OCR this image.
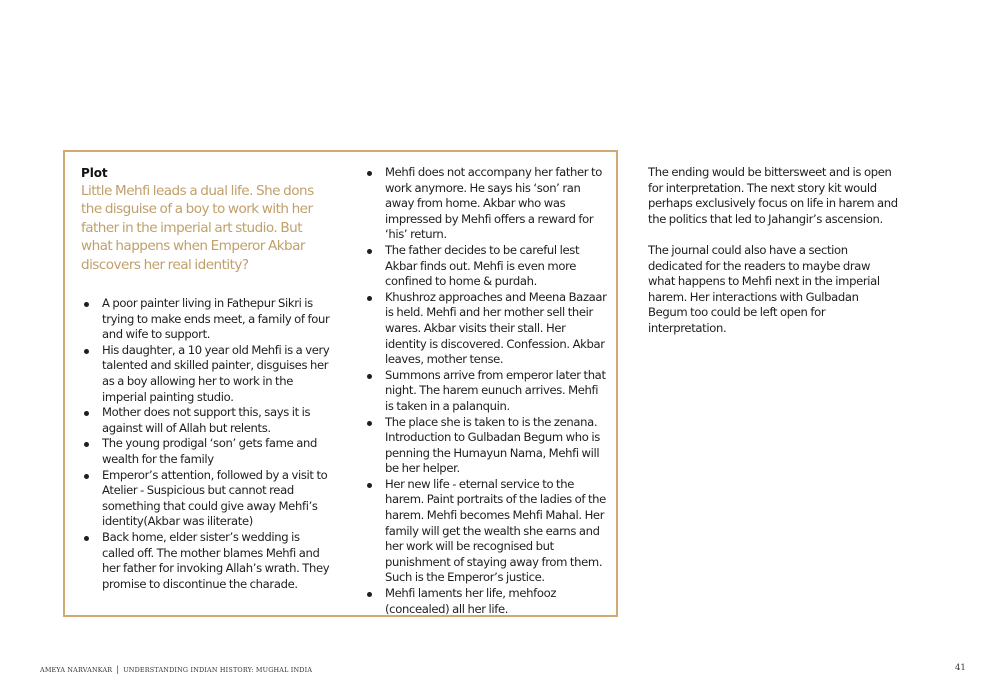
Plot
Little Mehfi leads a dual life. She dons the disguise of a boy to work with her father in the imperial art studio. But what happens when Emperor Akbar discovers her real identity?
A poor painter living in Fathepur Sikri is trying to make ends meet, a family of four and wife to support.
His daughter, a 10 year old Mehfi is a very talented and skilled painter, disguises her as a boy allowing her to work in the imperial painting studio.
Mother does not support this, says it is against will of Allah but relents.
The young prodigal ‘son’ gets fame and wealth for the family
Emperor’s attention, followed by a visit to Atelier - Suspicious but cannot read something that could give away Mehfi’s identity(Akbar was iliterate)
Back home, elder sister’s wedding is called off. The mother blames Mehfi and her father for invoking Allah’s wrath. They promise to discontinue the charade.
Mehfi does not accompany her father to work anymore. He says his ‘son’ ran away from home. Akbar who was impressed by Mehfi offers a reward for ‘his’ return.
The father decides to be careful lest Akbar finds out. Mehfi is even more confined to home & purdah.
Khushroz approaches and Meena Bazaar is held. Mehfi and her mother sell their wares. Akbar visits their stall. Her identity is discovered. Confession. Akbar leaves, mother tense.
Summons arrive from emperor later that night. The harem eunuch arrives. Mehfi is taken in a palanquin.
The place she is taken to is the zenana. Introduction to Gulbadan Begum who is penning the Humayun Nama, Mehfi will be her helper.
Her new life - eternal service to the harem. Paint portraits of the ladies of the harem. Mehfi becomes Mehfi Mahal. Her family will get the wealth she earns and her work will be recognised but punishment of staying away from them. Such is the Emperor’s justice.
Mehfi laments her life, mehfooz (concealed) all her life.

The ending would be bittersweet and is open for interpretation. The next story kit would perhaps exclusively focus on life in harem and the politics that led to Jahangir’s ascension.

The journal could also have a section dedicated for the readers to maybe draw what happens to Mehfi next in the imperial harem. Her interactions with Gulbadan Begum too could be left open for interpretation.

AMEYA NARVANKAR | UNDERSTANDING INDIAN HISTORY: MUGHAL INDIA	41
